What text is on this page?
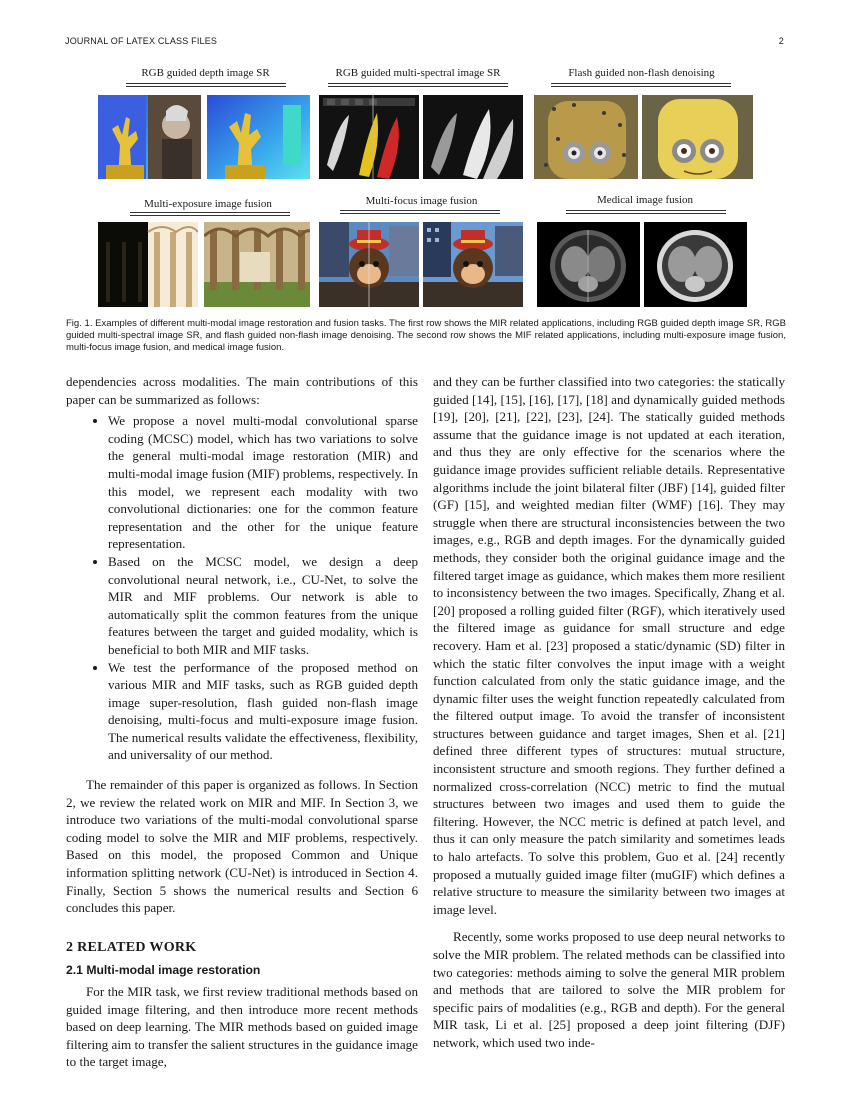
JOURNAL OF LATEX CLASS FILES	2
RGB guided depth image SR	RGB guided multi-spectral image SR	Flash guided non-flash denoising
Multi-exposure image fusion	Multi-focus image fusion	Medical image fusion
Fig. 1. Examples of different multi-modal image restoration and fusion tasks. The first row shows the MIR related applications, including RGB guided depth image SR, RGB guided multi-spectral image SR, and flash guided non-flash image denoising. The second row shows the MIF related applications, including multi-exposure image fusion, multi-focus image fusion, and medical image fusion.

dependencies across modalities. The main contributions of this paper can be summarized as follows:

• We propose a novel multi-modal convolutional sparse coding (MCSC) model, which has two variations to solve the general multi-modal image restoration (MIR) and multi-modal image fusion (MIF) problems, respectively. In this model, we represent each modality with two convolutional dictionaries: one for the common feature representation and the other for the unique feature representation.
• Based on the MCSC model, we design a deep convolutional neural network, i.e., CU-Net, to solve the MIR and MIF problems. Our network is able to automatically split the common features from the unique features between the target and guided modality, which is beneficial to both MIR and MIF tasks.
• We test the performance of the proposed method on various MIR and MIF tasks, such as RGB guided depth image super-resolution, flash guided non-flash image denoising, multi-focus and multi-exposure image fusion. The numerical results validate the effectiveness, flexibility, and universality of our method.

The remainder of this paper is organized as follows. In Section 2, we review the related work on MIR and MIF. In Section 3, we introduce two variations of the multi-modal convolutional sparse coding model to solve the MIR and MIF problems, respectively. Based on this model, the proposed Common and Unique information splitting network (CU-Net) is introduced in Section 4. Finally, Section 5 shows the numerical results and Section 6 concludes this paper.

2 RELATED WORK
2.1 Multi-modal image restoration

For the MIR task, we first review traditional methods based on guided image filtering, and then introduce more recent methods based on deep learning. The MIR methods based on guided image filtering aim to transfer the salient structures in the guidance image to the target image,

and they can be further classified into two categories: the statically guided [14], [15], [16], [17], [18] and dynamically guided methods [19], [20], [21], [22], [23], [24]. The statically guided methods assume that the guidance image is not updated at each iteration, and thus they are only effective for the scenarios where the guidance image provides sufficient reliable details. Representative algorithms include the joint bilateral filter (JBF) [14], guided filter (GF) [15], and weighted median filter (WMF) [16]. They may struggle when there are structural inconsistencies between the two images, e.g., RGB and depth images. For the dynamically guided methods, they consider both the original guidance image and the filtered target image as guidance, which makes them more resilient to inconsistency between the two images. Specifically, Zhang et al. [20] proposed a rolling guided filter (RGF), which iteratively used the filtered image as guidance for small structure and edge recovery. Ham et al. [23] proposed a static/dynamic (SD) filter in which the static filter convolves the input image with a weight function calculated from only the static guidance image, and the dynamic filter uses the weight function repeatedly calculated from the filtered output image. To avoid the transfer of inconsistent structures between guidance and target images, Shen et al. [21] defined three different types of structures: mutual structure, inconsistent structure and smooth regions. They further defined a normalized cross-correlation (NCC) metric to find the mutual structures between two images and used them to guide the filtering. However, the NCC metric is defined at patch level, and thus it can only measure the patch similarity and sometimes leads to halo artefacts. To solve this problem, Guo et al. [24] recently proposed a mutually guided image filter (muGIF) which defines a relative structure to measure the similarity between two images at image level.

Recently, some works proposed to use deep neural networks to solve the MIR problem. The related methods can be classified into two categories: methods aiming to solve the general MIR problem and methods that are tailored to solve the MIR problem for specific pairs of modalities (e.g., RGB and depth). For the general MIR task, Li et al. [25] proposed a deep joint filtering (DJF) network, which used two inde-
